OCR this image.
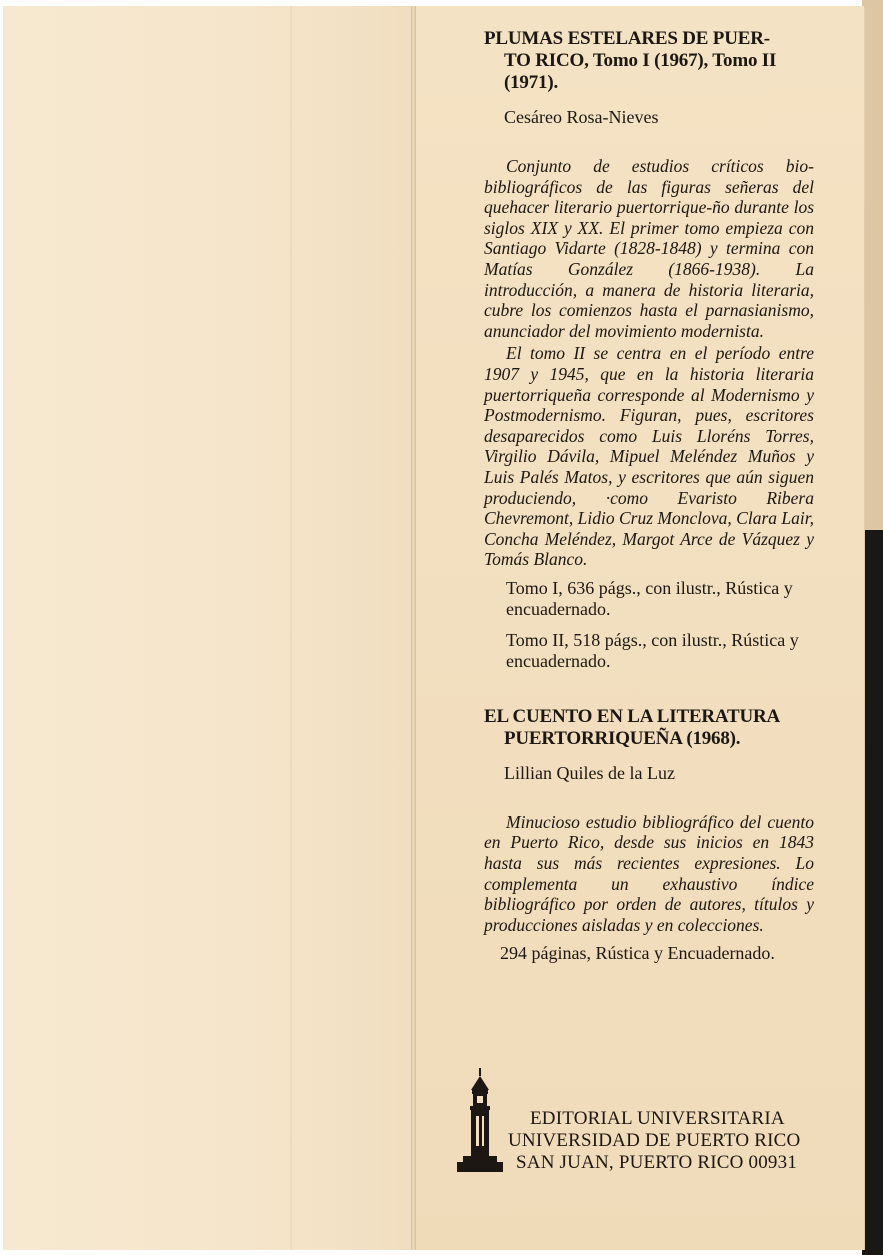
PLUMAS ESTELARES DE PUER-
TO RICO, Tomo I (1967), Tomo II
(1971).

Cesáreo Rosa-Nieves

Conjunto de estudios críticos bio-bibliográficos de las figuras señeras del quehacer literario puertorrique-ño durante los siglos XIX y XX. El primer tomo empieza con Santiago Vidarte (1828-1848) y termina con Matías González (1866-1938). La introducción, a manera de historia literaria, cubre los comienzos hasta el parnasianismo, anunciador del movimiento modernista.

El tomo II se centra en el período entre 1907 y 1945, que en la historia literaria puertorriqueña corresponde al Modernismo y Postmodernismo. Figuran, pues, escritores desaparecidos como Luis Lloréns Torres, Virgilio Dávila, Mipuel Meléndez Muños y Luis Palés Matos, y escritores que aún siguen produciendo, ·como Evaristo Ribera Chevremont, Lidio Cruz Monclova, Clara Lair, Concha Meléndez, Margot Arce de Vázquez y Tomás Blanco.

Tomo I, 636 págs., con ilustr., Rústica y encuadernado.

Tomo II, 518 págs., con ilustr., Rústica y encuadernado.

EL CUENTO EN LA LITERATURA
PUERTORRIQUEÑA (1968).

Lillian Quiles de la Luz

Minucioso estudio bibliográfico del cuento en Puerto Rico, desde sus inicios en 1843 hasta sus más recientes expresiones. Lo complementa un exhaustivo índice bibliográfico por orden de autores, títulos y producciones aisladas y en colecciones.

294 páginas, Rústica y Encuadernado.

EDITORIAL UNIVERSITARIA
UNIVERSIDAD DE PUERTO RICO
SAN JUAN, PUERTO RICO 00931
